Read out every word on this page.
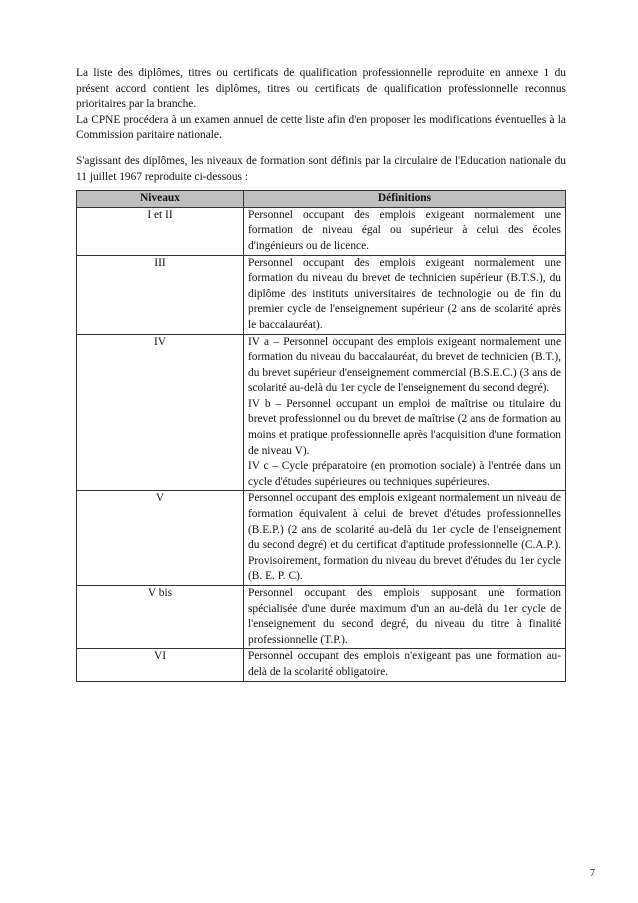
La liste des diplômes, titres ou certificats de qualification professionnelle reproduite en annexe 1 du présent accord contient les diplômes, titres ou certificats de qualification professionnelle reconnus prioritaires par la branche.

La CPNE procédera à un examen annuel de cette liste afin d'en proposer les modifications éventuelles à la Commission paritaire nationale.

S'agissant des diplômes, les niveaux de formation sont définis par la circulaire de l'Education nationale du 11 juillet 1967 reproduite ci-dessous :

Niveaux	Définitions
I et II	Personnel occupant des emplois exigeant normalement une formation de niveau égal ou supérieur à celui des écoles d'ingénieurs ou de licence.

III	Personnel occupant des emplois exigeant normalement une formation du niveau du brevet de technicien supérieur (B.T.S.), du diplôme des instituts universitaires de technologie ou de fin du premier cycle de l'enseignement supérieur (2 ans de scolarité après le baccalauréat).

IV	IV a – Personnel occupant des emplois exigeant normalement une formation du niveau du baccalauréat, du brevet de technicien (B.T.), du brevet supérieur d'enseignement commercial (B.S.E.C.) (3 ans de scolarité au-delà du 1er cycle de l'enseignement du second degré).
IV b – Personnel occupant un emploi de maîtrise ou titulaire du brevet professionnel ou du brevet de maîtrise (2 ans de formation au moins et pratique professionnelle après l'acquisition d'une formation de niveau V).
IV c – Cycle préparatoire (en promotion sociale) à l'entrée dans un cycle d'études supérieures ou techniques supérieures.

V	Personnel occupant des emplois exigeant normalement un niveau de formation équivalent à celui de brevet d'études professionnelles (B.E.P.) (2 ans de scolarité au-delà du 1er cycle de l'enseignement du second degré) et du certificat d'aptitude professionnelle (C.A.P.). Provisoirement, formation du niveau du brevet d'études du 1er cycle (B. E. P. C).

V bis	Personnel occupant des emplois supposant une formation spécialisée d'une durée maximum d'un an au-delà du 1er cycle de l'enseignement du second degré, du niveau du titre à finalité professionnelle (T.P.).

VI	Personnel occupant des emplois n'exigeant pas une formation au-delà de la scolarité obligatoire.
7
